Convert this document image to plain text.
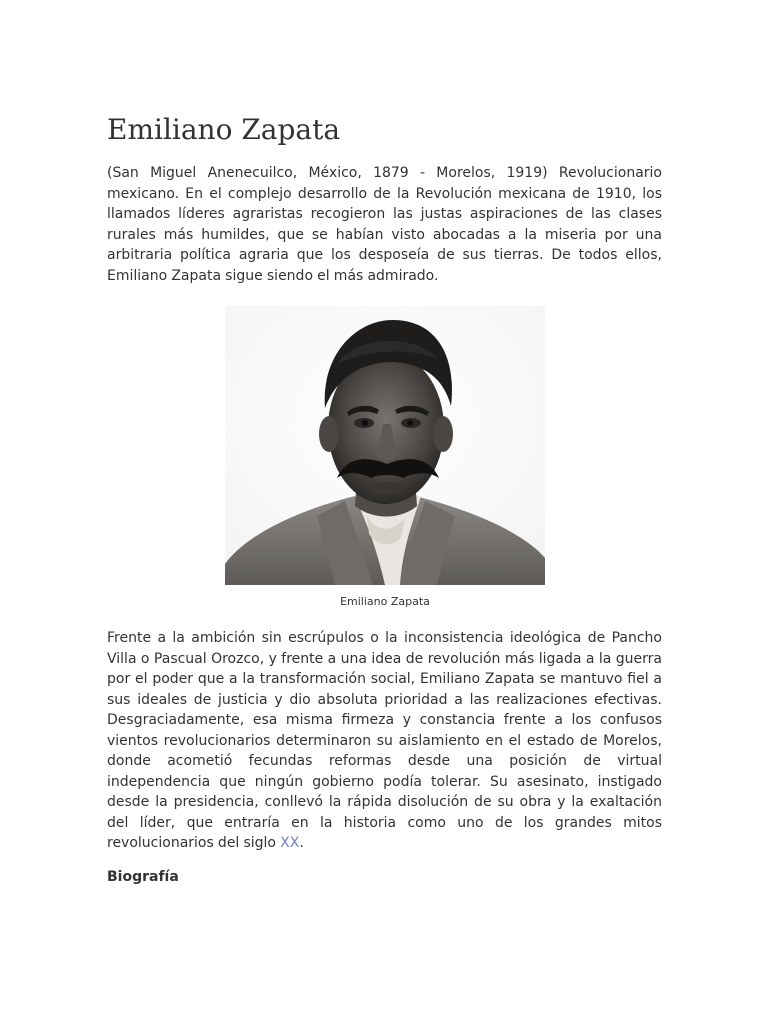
Emiliano Zapata

(San Miguel Anenecuilco, México, 1879 - Morelos, 1919) Revolucionario mexicano. En el complejo desarrollo de la Revolución mexicana de 1910, los llamados líderes agraristas recogieron las justas aspiraciones de las clases rurales más humildes, que se habían visto abocadas a la miseria por una arbitraria política agraria que los desposeía de sus tierras. De todos ellos, Emiliano Zapata sigue siendo el más admirado.

Emiliano Zapata

Frente a la ambición sin escrúpulos o la inconsistencia ideológica de Pancho Villa o Pascual Orozco, y frente a una idea de revolución más ligada a la guerra por el poder que a la transformación social, Emiliano Zapata se mantuvo fiel a sus ideales de justicia y dio absoluta prioridad a las realizaciones efectivas. Desgraciadamente, esa misma firmeza y constancia frente a los confusos vientos revolucionarios determinaron su aislamiento en el estado de Morelos, donde acometió fecundas reformas desde una posición de virtual independencia que ningún gobierno podía tolerar. Su asesinato, instigado desde la presidencia, conllevó la rápida disolución de su obra y la exaltación del líder, que entraría en la historia como uno de los grandes mitos revolucionarios del siglo XX.

Biografía
